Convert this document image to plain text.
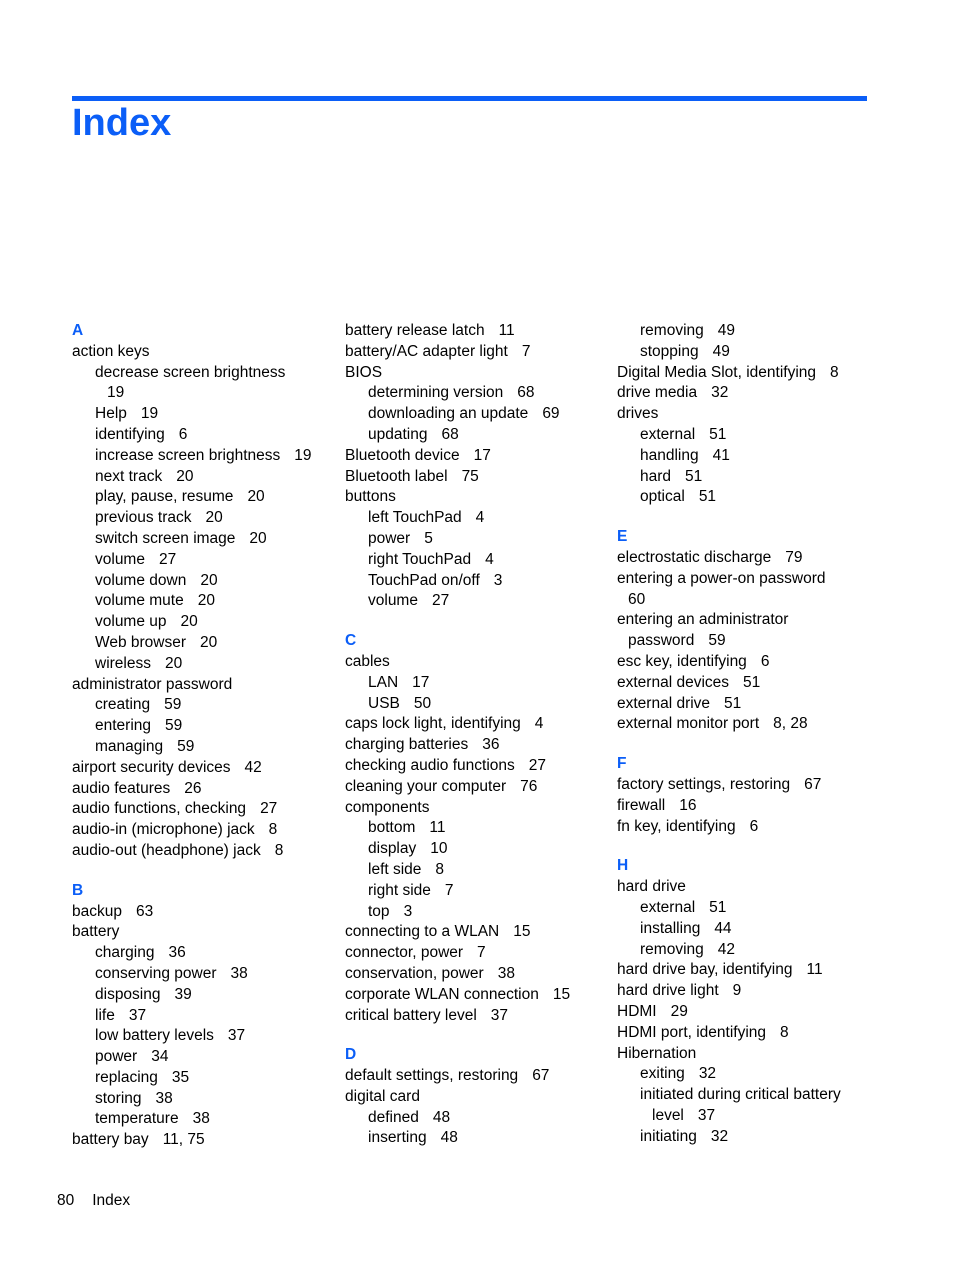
Index
A
action keys
decrease screen brightness
19
Help 19
identifying 6
increase screen brightness 19
next track 20
play, pause, resume 20
previous track 20
switch screen image 20
volume 27
volume down 20
volume mute 20
volume up 20
Web browser 20
wireless 20
administrator password
creating 59
entering 59
managing 59
airport security devices 42
audio features 26
audio functions, checking 27
audio-in (microphone) jack 8
audio-out (headphone) jack 8
B
backup 63
battery
charging 36
conserving power 38
disposing 39
life 37
low battery levels 37
power 34
replacing 35
storing 38
temperature 38
battery bay 11, 75
battery release latch 11
battery/AC adapter light 7
BIOS
determining version 68
downloading an update 69
updating 68
Bluetooth device 17
Bluetooth label 75
buttons
left TouchPad 4
power 5
right TouchPad 4
TouchPad on/off 3
volume 27
C
cables
LAN 17
USB 50
caps lock light, identifying 4
charging batteries 36
checking audio functions 27
cleaning your computer 76
components
bottom 11
display 10
left side 8
right side 7
top 3
connecting to a WLAN 15
connector, power 7
conservation, power 38
corporate WLAN connection 15
critical battery level 37
D
default settings, restoring 67
digital card
defined 48
inserting 48
removing 49
stopping 49
Digital Media Slot, identifying 8
drive media 32
drives
external 51
handling 41
hard 51
optical 51
E
electrostatic discharge 79
entering a power-on password
60
entering an administrator
password 59
esc key, identifying 6
external devices 51
external drive 51
external monitor port 8, 28
F
factory settings, restoring 67
firewall 16
fn key, identifying 6
H
hard drive
external 51
installing 44
removing 42
hard drive bay, identifying 11
hard drive light 9
HDMI 29
HDMI port, identifying 8
Hibernation
exiting 32
initiated during critical battery
level 37
initiating 32
80 Index
